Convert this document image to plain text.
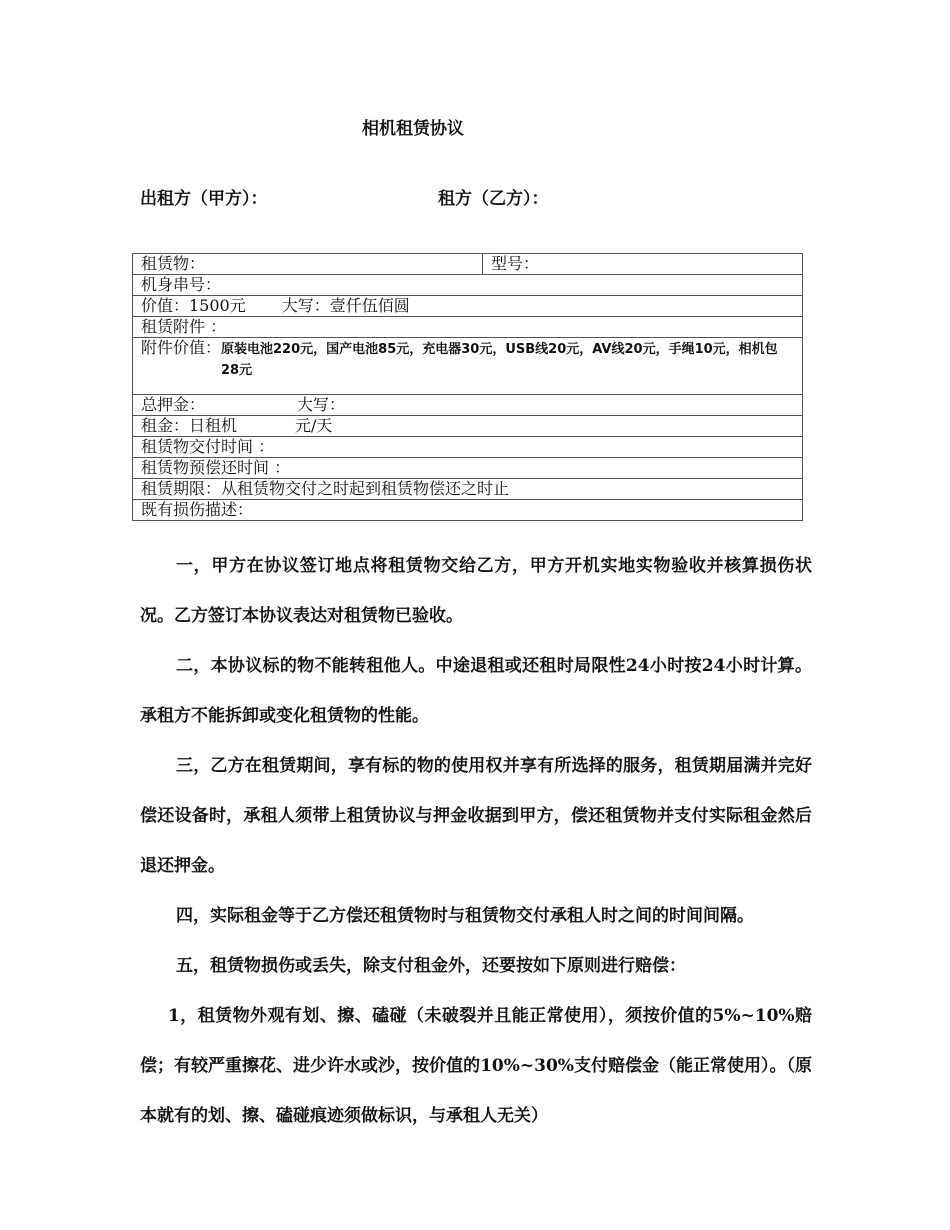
相机租赁协议
出租方（甲方）：	租方（乙方）：
租赁物：	型号：
机身串号：
价值：1500元 大写：壹仟伍佰圆
租赁附件 ：

附件价值： 原装电池220元，国产电池85元，充电器30元，USB线20元，AV线20元，手绳10元，相机包28元

总押金：	大写：
租金：日租机	元/天
租赁物交付时间 ：
租赁物预偿还时间 ：
租赁期限：从租赁物交付之时起到租赁物偿还之时止
既有损伤描述：

一，甲方在协议签订地点将租赁物交给乙方，甲方开机实地实物验收并核算损伤状况。乙方签订本协议表达对租赁物已验收。

二，本协议标的物不能转租他人。中途退租或还租时局限性24小时按24小时计算。承租方不能拆卸或变化租赁物的性能。

三，乙方在租赁期间，享有标的物的使用权并享有所选择的服务，租赁期届满并完好偿还设备时，承租人须带上租赁协议与押金收据到甲方，偿还租赁物并支付实际租金然后退还押金。

四，实际租金等于乙方偿还租赁物时与租赁物交付承租人时之间的时间间隔。

五，租赁物损伤或丢失，除支付租金外，还要按如下原则进行赔偿：

1，租赁物外观有划、擦、磕碰（未破裂并且能正常使用），须按价值的5%~10%赔偿；有较严重擦花、进少许水或沙，按价值的10%~30%支付赔偿金（能正常使用）。（原本就有的划、擦、磕碰痕迹须做标识，与承租人无关）
